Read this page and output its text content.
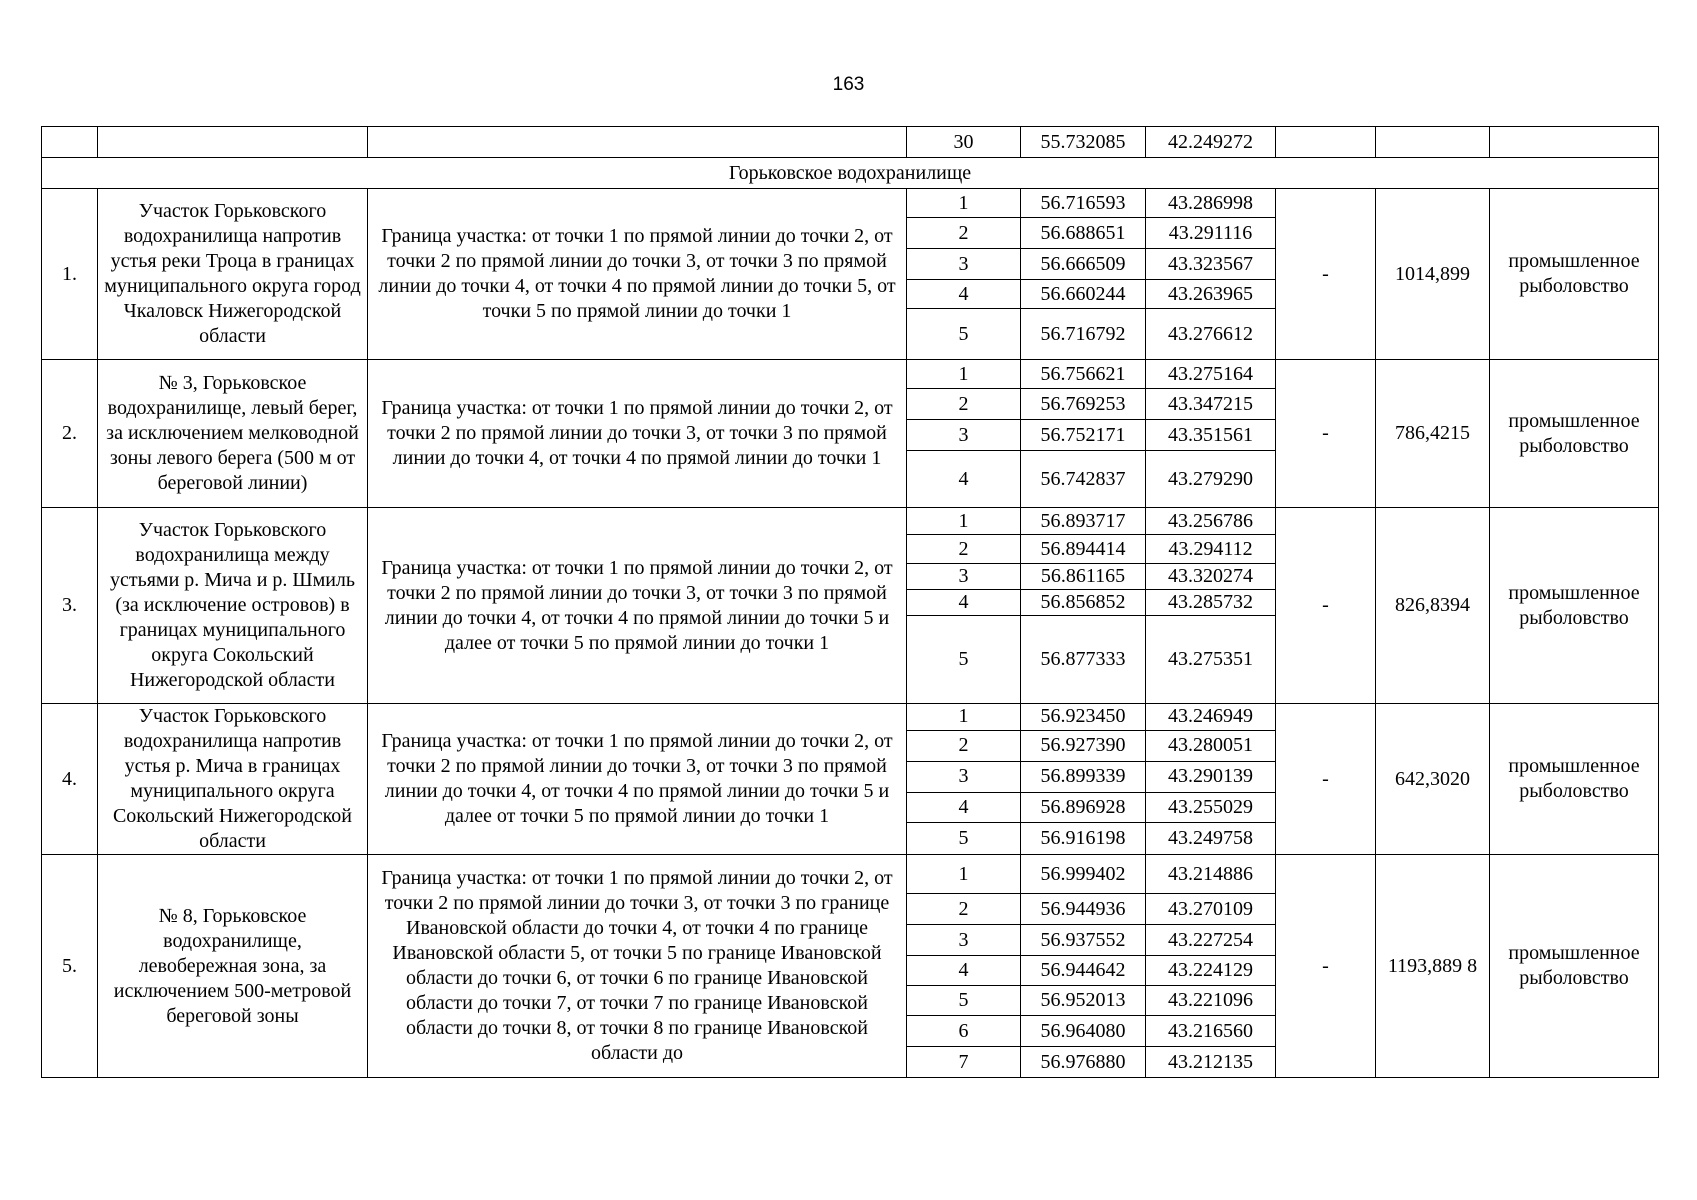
163
			30	55.732085	42.249272			
Горьковское водохранилище								
1.	Участок Горьковского водохранилища напротив устья реки Троца в границах муниципального округа город Чкаловск Нижегородской области	Граница участка: от точки 1 по прямой линии до точки 2, от точки 2 по прямой линии до точки 3, от точки 3 по прямой линии до точки 4, от точки 4 по прямой линии до точки 5, от точки 5 по прямой линии до точки 1	1	56.716593	43.286998	-	1014,899	промышленное рыболовство
			2	56.688651	43.291116			
			3	56.666509	43.323567			
			4	56.660244	43.263965			
			5	56.716792	43.276612			
2.	№ 3, Горьковское водохранилище, левый берег, за исключением мелководной зоны левого берега (500 м от береговой линии)	Граница участка: от точки 1 по прямой линии до точки 2, от точки 2 по прямой линии до точки 3, от точки 3 по прямой линии до точки 4, от точки 4 по прямой линии до точки 1	1	56.756621	43.275164	-	786,4215	промышленное рыболовство
			2	56.769253	43.347215			
			3	56.752171	43.351561			
			4	56.742837	43.279290			
3.	Участок Горьковского водохранилища между устьями р. Мича и р. Шмиль (за исключение островов) в границах муниципального округа Сокольский Нижегородской области	Граница участка: от точки 1 по прямой линии до точки 2, от точки 2 по прямой линии до точки 3, от точки 3 по прямой линии до точки 4, от точки 4 по прямой линии до точки 5 и далее от точки 5 по прямой линии до точки 1	1	56.893717	43.256786	-	826,8394	промышленное рыболовство
			2	56.894414	43.294112			
			3	56.861165	43.320274			
			4	56.856852	43.285732			
			5	56.877333	43.275351			
4.	Участок Горьковского водохранилища напротив устья р. Мича в границах муниципального округа Сокольский Нижегородской области	Граница участка: от точки 1 по прямой линии до точки 2, от точки 2 по прямой линии до точки 3, от точки 3 по прямой линии до точки 4, от точки 4 по прямой линии до точки 5 и далее от точки 5 по прямой линии до точки 1	1	56.923450	43.246949	-	642,3020	промышленное рыболовство
			2	56.927390	43.280051			
			3	56.899339	43.290139			
			4	56.896928	43.255029			
			5	56.916198	43.249758			
5.	№ 8, Горьковское водохранилище, левобережная зона, за исключением 500-метровой береговой зоны	Граница участка: от точки 1 по прямой линии до точки 2, от точки 2 по прямой линии до точки 3, от точки 3 по границе Ивановской области до точки 4, от точки 4 по границе Ивановской области 5, от точки 5 по границе Ивановской области до точки 6, от точки 6 по границе Ивановской области до точки 7, от точки 7 по границе Ивановской области до точки 8, от точки 8 по границе Ивановской области до	1	56.999402	43.214886	-	1193,889 8	промышленное рыболовство
			2	56.944936	43.270109			
			3	56.937552	43.227254			
			4	56.944642	43.224129			
			5	56.952013	43.221096			
			6	56.964080	43.216560			
			7	56.976880	43.212135			
